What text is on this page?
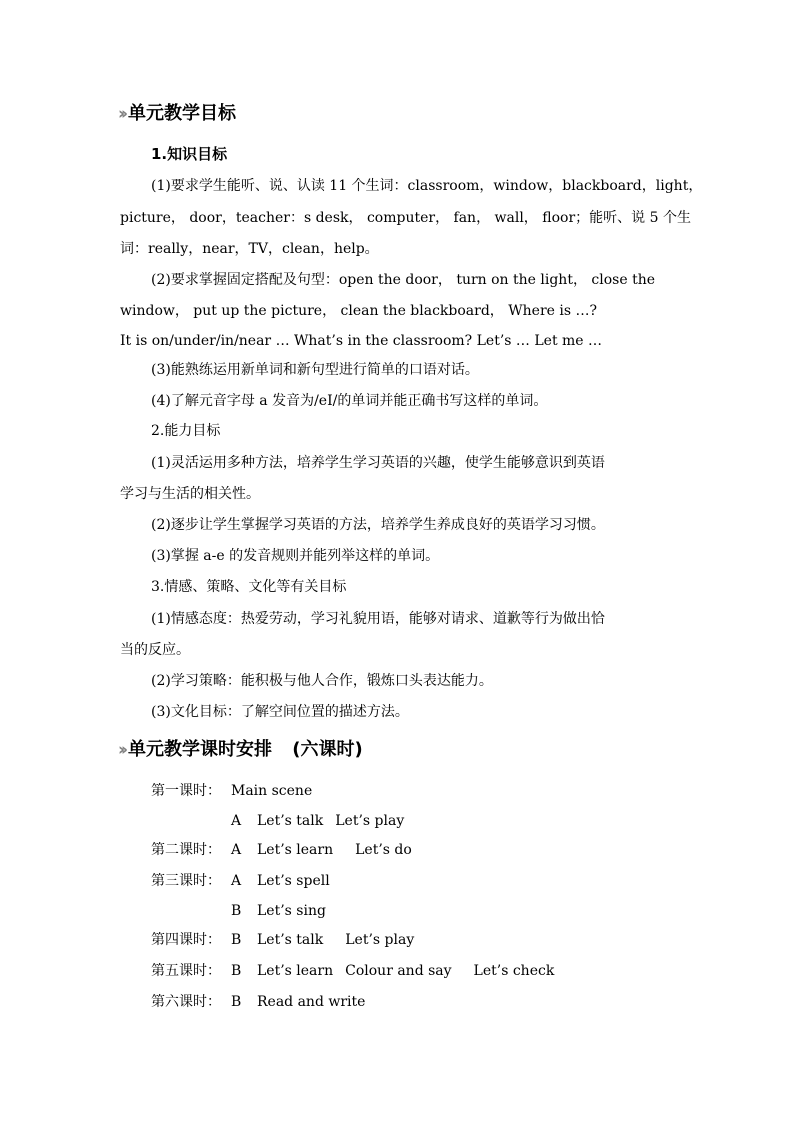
›› 单元教学目标
1.知识目标
(1)要求学生能听、说、认读 11 个生词：classroom，window，blackboard，light，
picture， door，teacher：s desk， computer， fan， wall， floor；能听、说 5 个生
词：really，near，TV，clean，help。
(2)要求掌握固定搭配及句型：open the door， turn on the light， close the
window， put up the picture， clean the blackboard， Where is …?
It is on/under/in/near … What’s in the classroom? Let’s … Let me …
(3)能熟练运用新单词和新句型进行简单的口语对话。
(4)了解元音字母 a 发音为/eI/的单词并能正确书写这样的单词。
2.能力目标
(1)灵活运用多种方法，培养学生学习英语的兴趣，使学生能够意识到英语
学习与生活的相关性。
(2)逐步让学生掌握学习英语的方法，培养学生养成良好的英语学习习惯。
(3)掌握 a-e 的发音规则并能列举这样的单词。
3.情感、策略、文化等有关目标
(1)情感态度：热爱劳动，学习礼貌用语，能够对请求、道歉等行为做出恰
当的反应。
(2)学习策略：能积极与他人合作，锻炼口头表达能力。
(3)文化目标：了解空间位置的描述方法。
›› 单元教学课时安排 (六课时)
第一课时： Main scene
A Let’s talk Let’s play
第二课时： A Let’s learn Let’s do
第三课时： A Let’s spell
B Let’s sing
第四课时： B Let’s talk Let’s play
第五课时： B Let’s learn Colour and say Let’s check
第六课时： B Read and write
